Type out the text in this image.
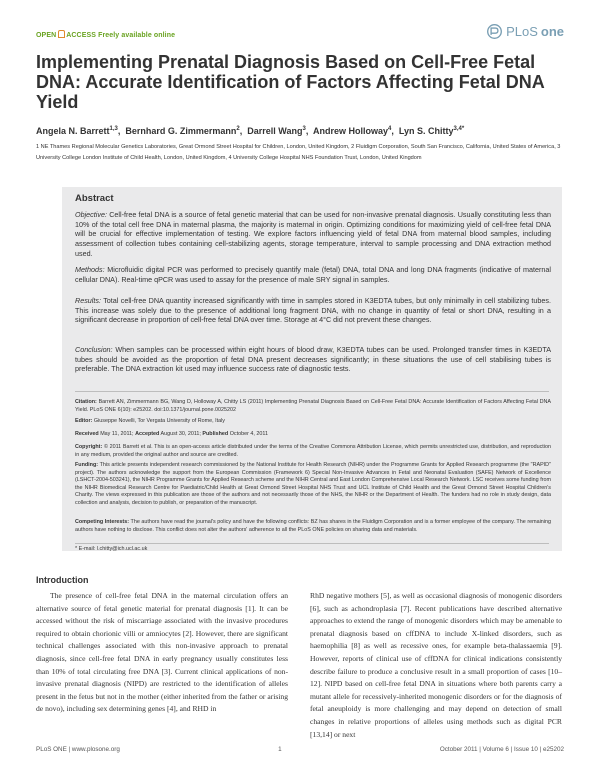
OPEN ACCESS Freely available online	PLoS one
Implementing Prenatal Diagnosis Based on Cell-Free Fetal DNA: Accurate Identification of Factors Affecting Fetal DNA Yield
Angela N. Barrett$^{1,3}$,  Bernhard G. Zimmermann$^2$,  Darrell Wang$^3$,  Andrew Holloway$^4$,  Lyn S. Chitty$^{3,4*}$
1 NE Thames Regional Molecular Genetics Laboratories, Great Ormond Street Hospital for Children, London, United Kingdom, 2 Fluidigm Corporation, South San Francisco, California, United States of America, 3 University College London Institute of Child Health, London, United Kingdom, 4 University College Hospital NHS Foundation Trust, London, United Kingdom
Abstract
Objective: Cell-free fetal DNA is a source of fetal genetic material that can be used for non-invasive prenatal diagnosis. Usually constituting less than 10% of the total cell free DNA in maternal plasma, the majority is maternal in origin. Optimizing conditions for maximizing yield of cell-free fetal DNA will be crucial for effective implementation of testing. We explore factors influencing yield of fetal DNA from maternal blood samples, including assessment of collection tubes containing cell-stabilizing agents, storage temperature, interval to sample processing and DNA extraction method used.
Methods: Microfluidic digital PCR was performed to precisely quantify male (fetal) DNA, total DNA and long DNA fragments (indicative of maternal cellular DNA). Real-time qPCR was used to assay for the presence of male SRY signal in samples.
Results: Total cell-free DNA quantity increased significantly with time in samples stored in K3EDTA tubes, but only minimally in cell stabilizing tubes. This increase was solely due to the presence of additional long fragment DNA, with no change in quantity of fetal or short DNA, resulting in a significant decrease in proportion of cell-free fetal DNA over time. Storage at 4°C did not prevent these changes.
Conclusion: When samples can be processed within eight hours of blood draw, K3EDTA tubes can be used. Prolonged transfer times in K3EDTA tubes should be avoided as the proportion of fetal DNA present decreases significantly; in these situations the use of cell stabilising tubes is preferable. The DNA extraction kit used may influence success rate of diagnostic tests.
Citation: Barrett AN, Zimmermann BG, Wang D, Holloway A, Chitty LS (2011) Implementing Prenatal Diagnosis Based on Cell-Free Fetal DNA: Accurate Identification of Factors Affecting Fetal DNA Yield. PLoS ONE 6(10): e25202. doi:10.1371/journal.pone.0025202
Editor: Giuseppe Novelli, Tor Vergata University of Rome, Italy
Received May 11, 2011; Accepted August 30, 2011; Published October 4, 2011
Copyright: © 2011 Barrett et al. This is an open-access article distributed under the terms of the Creative Commons Attribution License, which permits unrestricted use, distribution, and reproduction in any medium, provided the original author and source are credited.
Funding: This article presents independent research commissioned by the National Institute for Health Research (NIHR) under the Programme Grants for Applied Research programme (the "RAPID" project). The authors acknowledge the support from the European Commission (Framework 6) Special Non-Invasive Advances in Fetal and Neonatal Evaluation (SAFE) Network of Excellence (LSHCT-2004-503241), the NIHR Programme Grants for Applied Research scheme and the NIHR Central and East London Comprehensive Local Research Network. LSC receives some funding from the NIHR Biomedical Research Centre for Paediatric/Child Health at Great Ormond Street Hospital NHS Trust and UCL Institute of Child Health and the Great Ormond Street Hospital Children's Charity. The views expressed in this publication are those of the authors and not necessarily those of the NHS, the NIHR or the Department of Health. The funders had no role in study design, data collection and analysis, decision to publish, or preparation of the manuscript.
Competing Interests: The authors have read the journal's policy and have the following conflicts: BZ has shares in the Fluidigm Corporation and is a former employee of the company. The remaining authors have nothing to disclose. This conflict does not alter the authors' adherence to all the PLoS ONE policies on sharing data and materials.
* E-mail: l.chitty@ich.ucl.ac.uk
Introduction
The presence of cell-free fetal DNA in the maternal circulation offers an alternative source of fetal genetic material for prenatal diagnosis [1]. It can be accessed without the risk of miscarriage associated with the invasive procedures required to obtain chorionic villi or amniocytes [2]. However, there are significant technical challenges associated with this non-invasive approach to prenatal diagnosis, since cell-free fetal DNA in early pregnancy usually constitutes less than 10% of total circulating free DNA [3]. Current clinical applications of non-invasive prenatal diagnosis (NIPD) are restricted to the identification of alleles present in the fetus but not in the mother (either inherited from the father or arising de novo), including sex determining genes [4], and RHD in
RhD negative mothers [5], as well as occasional diagnosis of monogenic disorders [6], such as achondroplasia [7]. Recent publications have described alternative approaches to extend the range of monogenic disorders which may be amenable to prenatal diagnosis based on cffDNA to include X-linked disorders, such as haemophilia [8] as well as recessive ones, for example beta-thalassaemia [9]. However, reports of clinical use of cffDNA for clinical indications consistently describe failure to produce a conclusive result in a small proportion of cases [10–12]. NIPD based on cell-free fetal DNA in situations where both parents carry a mutant allele for recessively-inherited monogenic disorders or for the diagnosis of fetal aneuploidy is more challenging and may depend on detection of small changes in relative proportions of alleles using methods such as digital PCR [13,14] or next
PLoS ONE | www.plosone.org	1	October 2011 | Volume 6 | Issue 10 | e25202
